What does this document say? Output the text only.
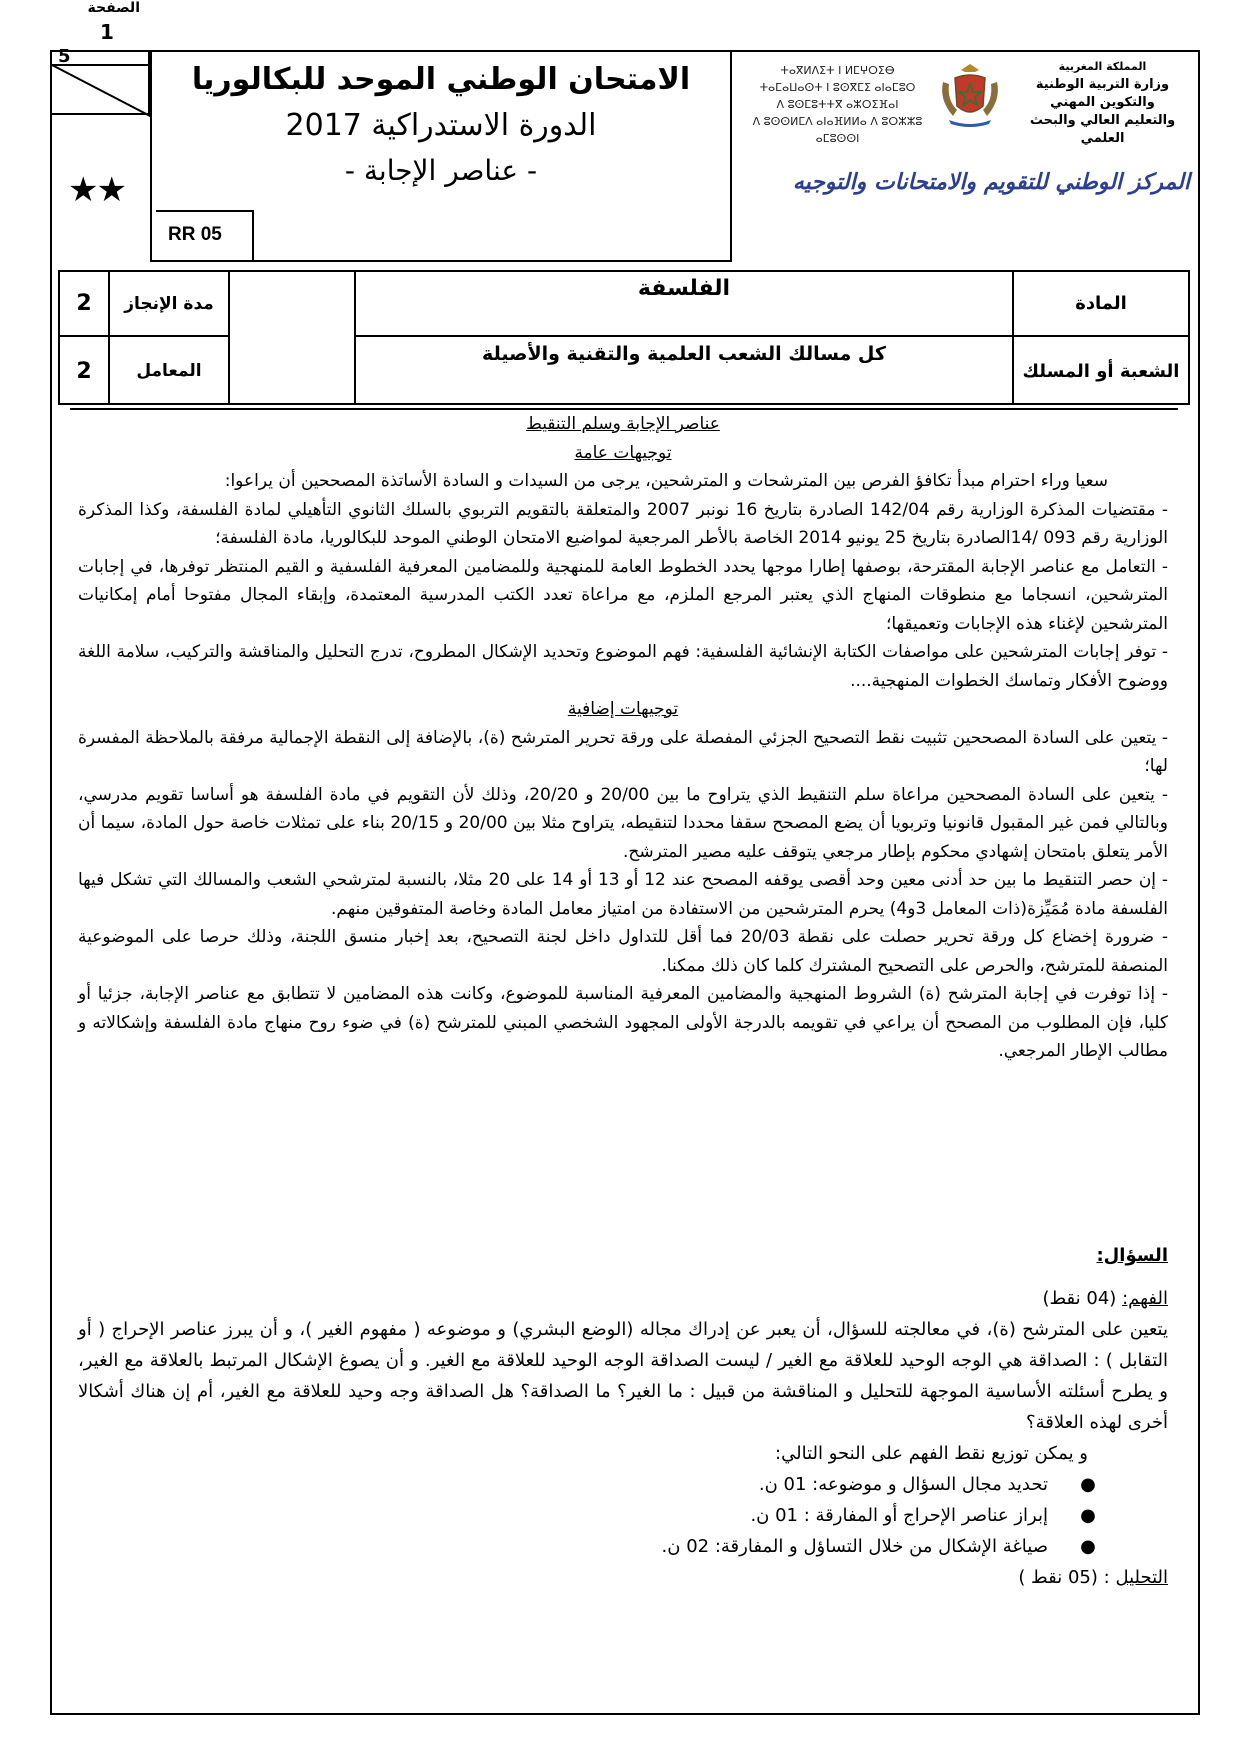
الصفحة
1
5
★★
الامتحان الوطني الموحد للبكالوريا
الدورة الاستدراكية 2017
- عناصر الإجابة -
RR 05
ⵜⴰⴳⵍⴷⵉⵜ ⵏ ⵍⵎⵖⵔⵉⴱ
ⵜⴰⵎⴰⵡⴰⵙⵜ ⵏ ⵓⵙⴳⵎⵉ ⴰⵏⴰⵎⵓⵔ
ⴷ ⵓⵙⵎⵓⵜⵜⴳ ⴰⵣⵔⵉⴼⴰⵏ
ⴷ ⵓⵙⵙⵍⵎⴷ ⴰⵏⴰⴼⵍⵍⴰ ⴷ ⵓⵔⵣⵣⵓ ⴰⵎⵓⵙⵙⵏ
المملكة المغربية
وزارة التربية الوطنية
والتكوين المهني
والتعليم العالي والبحث العلمي
المركز الوطني للتقويم والامتحانات والتوجيه
المادة
الفلسفة
مدة الإنجاز
2
الشعبة أو المسلك
كل مسالك الشعب العلمية والتقنية والأصيلة
المعامل
2

عناصر الإجابة وسلم التنقيط

توجيهات عامة

سعيا وراء احترام مبدأ تكافؤ الفرص بين المترشحات و المترشحين، يرجى من السيدات و السادة الأساتذة المصححين أن يراعوا:

- مقتضيات المذكرة الوزارية رقم 142/04 الصادرة بتاريخ 16 نونبر 2007 والمتعلقة بالتقويم التربوي بالسلك الثانوي التأهيلي لمادة الفلسفة، وكذا المذكرة الوزارية رقم 093 /14الصادرة بتاريخ 25 يونيو 2014 الخاصة بالأطر المرجعية لمواضيع الامتحان الوطني الموحد للبكالوريا، مادة الفلسفة؛

- التعامل مع عناصر الإجابة المقترحة، بوصفها إطارا موجها يحدد الخطوط العامة للمنهجية وللمضامين المعرفية الفلسفية و القيم المنتظر توفرها، في إجابات المترشحين، انسجاما مع منطوقات المنهاج الذي يعتبر المرجع الملزم، مع مراعاة تعدد الكتب المدرسية المعتمدة، وإبقاء المجال مفتوحا أمام إمكانيات المترشحين لإغناء هذه الإجابات وتعميقها؛

- توفر إجابات المترشحين على مواصفات الكتابة الإنشائية الفلسفية: فهم الموضوع وتحديد الإشكال المطروح، تدرج التحليل والمناقشة والتركيب، سلامة اللغة ووضوح الأفكار وتماسك الخطوات المنهجية....

توجيهات إضافية

- يتعين على السادة المصححين تثبيت نقط التصحيح الجزئي المفصلة على ورقة تحرير المترشح (ة)، بالإضافة إلى النقطة الإجمالية مرفقة بالملاحظة المفسرة لها؛

- يتعين على السادة المصححين مراعاة سلم التنقيط الذي يتراوح ما بين 20/00 و 20/20، وذلك لأن التقويم في مادة الفلسفة هو أساسا تقويم مدرسي، وبالتالي فمن غير المقبول قانونيا وتربويا أن يضع المصحح سقفا محددا لتنقيطه، يتراوح مثلا بين 20/00 و 20/15 بناء على تمثلات خاصة حول المادة، سيما أن الأمر يتعلق بامتحان إشهادي محكوم بإطار مرجعي يتوقف عليه مصير المترشح.

- إن حصر التنقيط ما بين حد أدنى معين وحد أقصى يوقفه المصحح عند 12 أو 13 أو 14 على 20 مثلا، بالنسبة لمترشحي الشعب والمسالك التي تشكل فيها الفلسفة مادة مُمَيِّزة(ذات المعامل 3و4) يحرم المترشحين من الاستفادة من امتياز معامل المادة وخاصة المتفوقين منهم.

- ضرورة إخضاع كل ورقة تحرير حصلت على نقطة 20/03 فما أقل للتداول داخل لجنة التصحيح، بعد إخبار منسق اللجنة، وذلك حرصا على الموضوعية المنصفة للمترشح، والحرص على التصحيح المشترك كلما كان ذلك ممكنا.

- إذا توفرت في إجابة المترشح (ة) الشروط المنهجية والمضامين المعرفية المناسبة للموضوع، وكانت هذه المضامين لا تتطابق مع عناصر الإجابة، جزئيا أو كليا، فإن المطلوب من المصحح أن يراعي في تقويمه بالدرجة الأولى المجهود الشخصي المبني للمترشح (ة) في ضوء روح منهاج مادة الفلسفة وإشكالاته و مطالب الإطار المرجعي.

السؤال:

الفهم: (04 نقط)

يتعين على المترشح (ة)، في معالجته للسؤال، أن يعبر عن إدراك مجاله (الوضع البشري) و موضوعه ( مفهوم الغير )، و أن يبرز عناصر الإحراج ( أو التقابل ) : الصداقة هي الوجه الوحيد للعلاقة مع الغير / ليست الصداقة الوجه الوحيد للعلاقة مع الغير. و أن يصوغ الإشكال المرتبط بالعلاقة مع الغير، و يطرح أسئلته الأساسية الموجهة للتحليل و المناقشة من قبيل : ما الغير؟ ما الصداقة؟ هل الصداقة وجه وحيد للعلاقة مع الغير، أم إن هناك أشكالا أخرى لهذه العلاقة؟

و يمكن توزيع نقط الفهم على النحو التالي:

●
تحديد مجال السؤال و موضوعه: 01 ن.

●
إبراز عناصر الإحراج أو المفارقة : 01 ن.

●
صياغة الإشكال من خلال التساؤل و المفارقة: 02 ن.

التحليل : (05 نقط )
